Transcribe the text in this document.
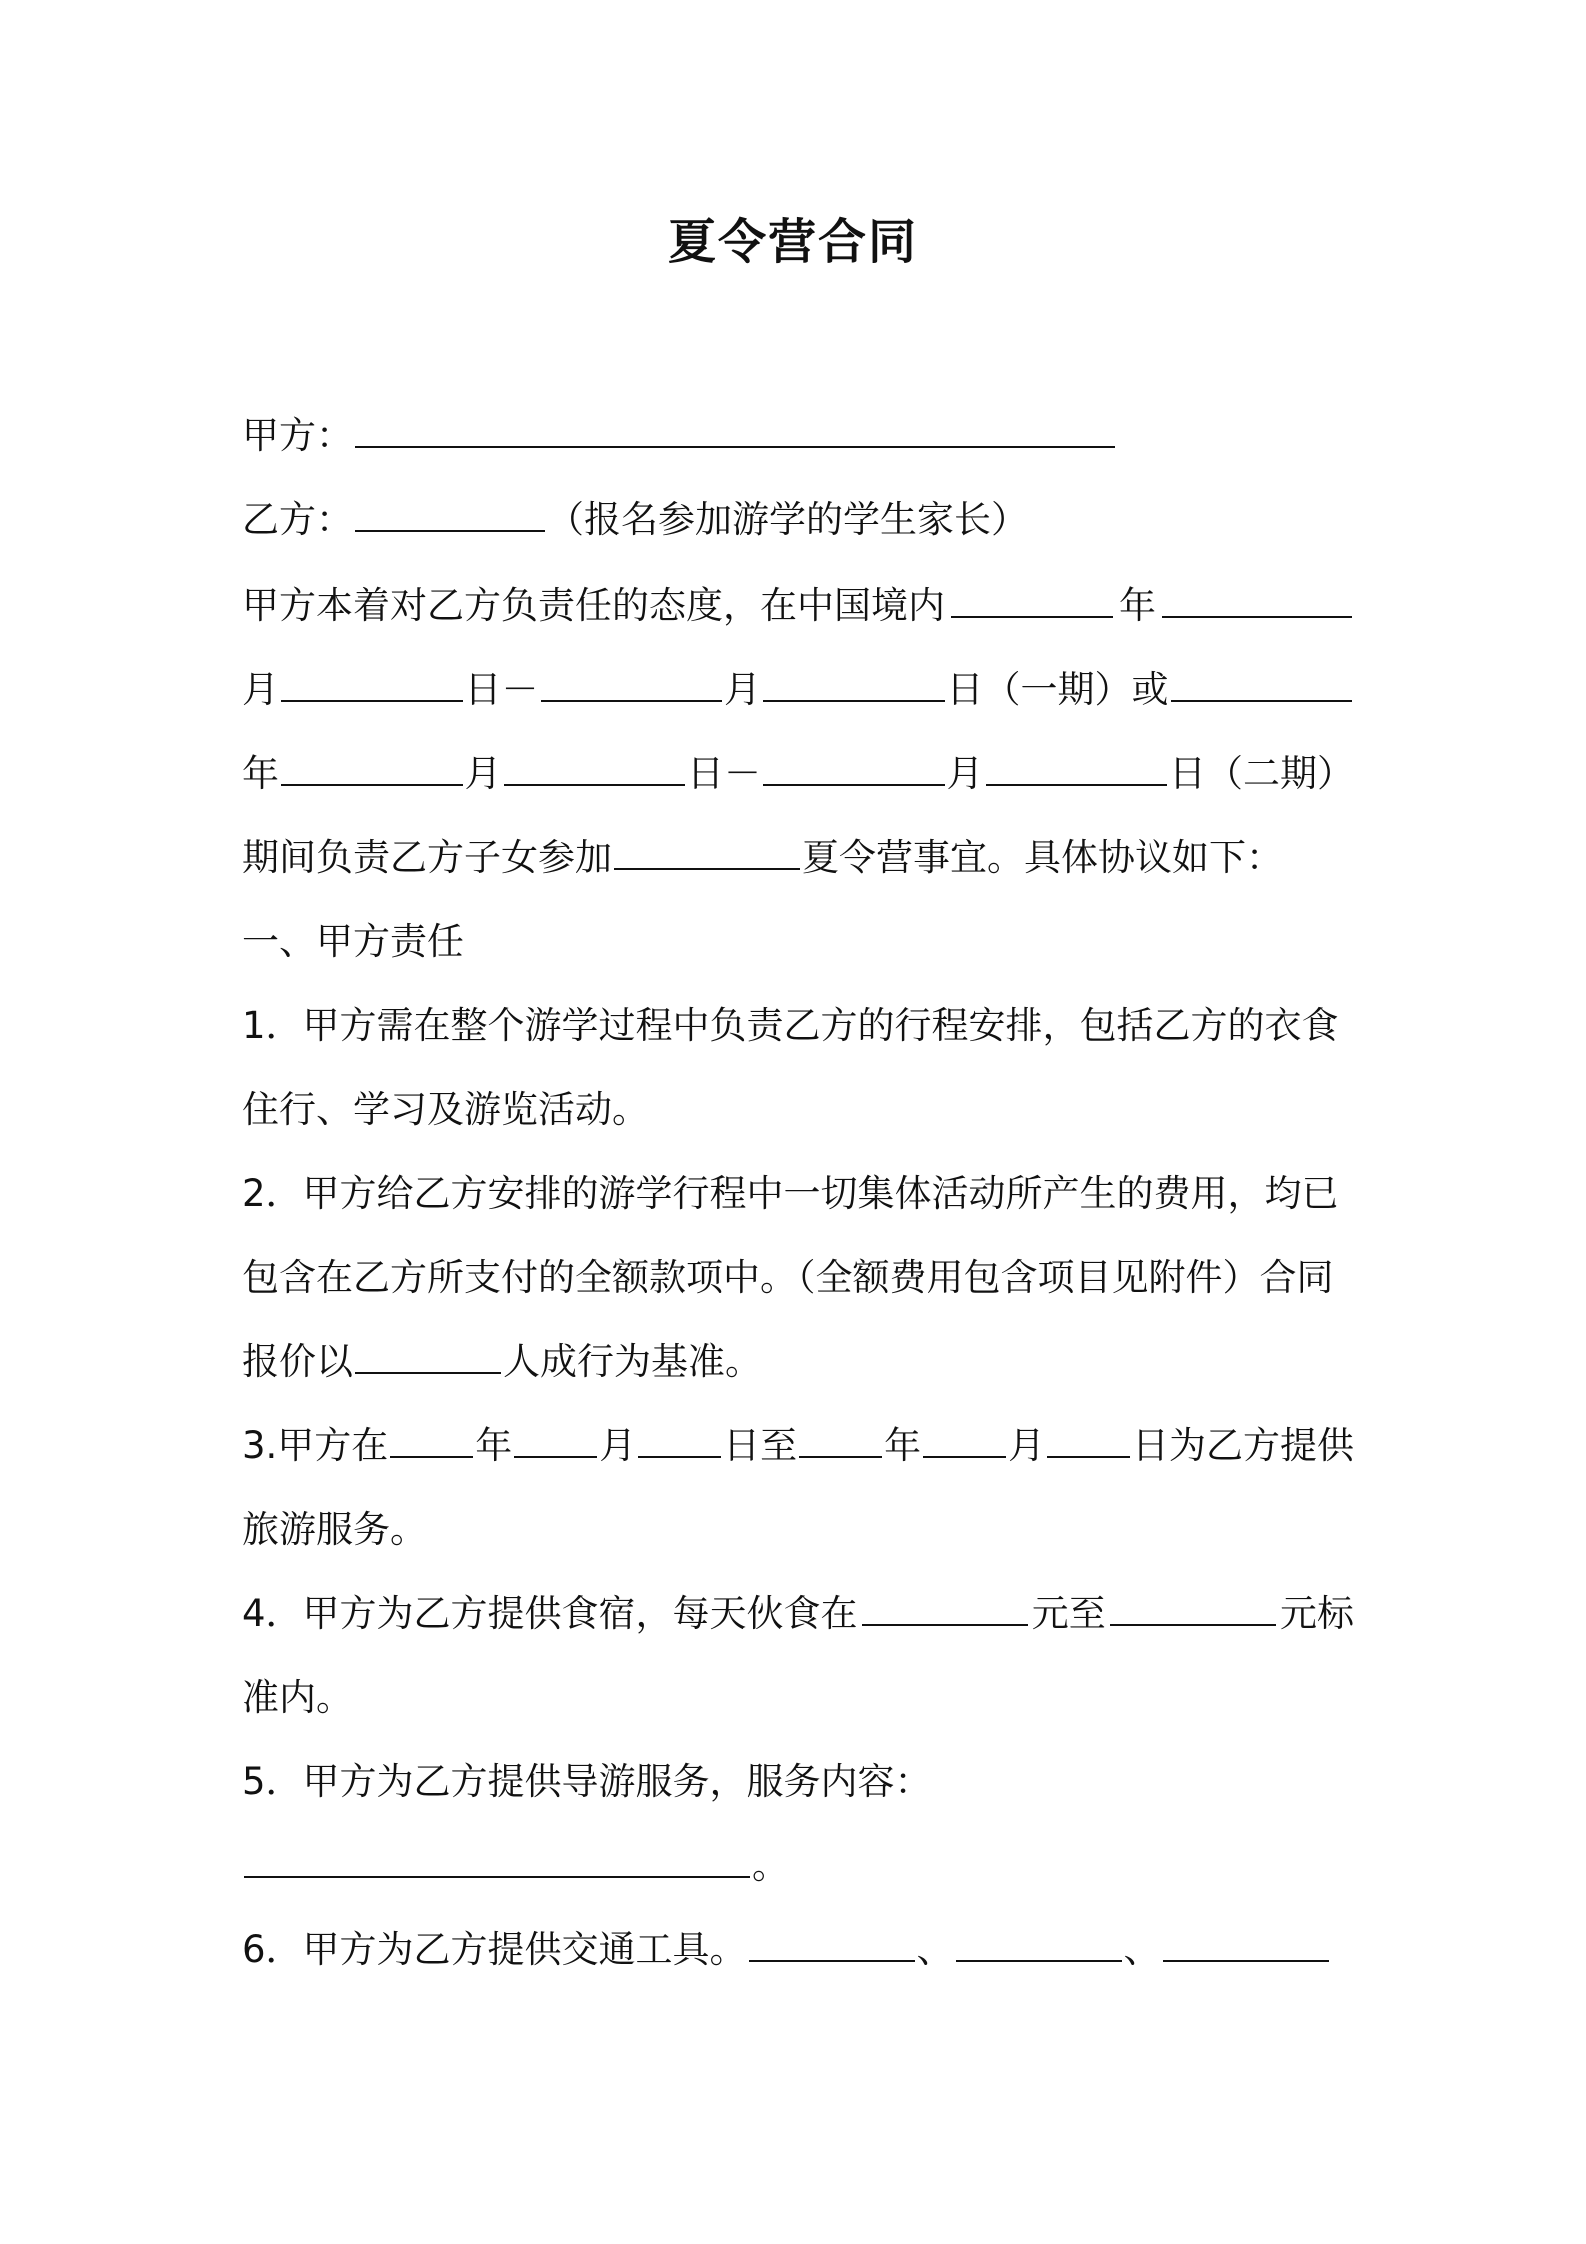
夏令营合同
甲方：
乙方：	（报名参加游学的学生家长）
甲方本着对乙方负责任的态度，在中国境内	年
月	日－	月	日（一期）或
年	月	日－	月	日（二期）
期间负责乙方子女参加	夏令营事宜。具体协议如下：
一、甲方责任
1．甲方需在整个游学过程中负责乙方的行程安排，包括乙方的衣食
住行、学习及游览活动。
2．甲方给乙方安排的游学行程中一切集体活动所产生的费用，均已
包含在乙方所支付的全额款项中。（全额费用包含项目见附件）合同
报价以	人成行为基准。
3.甲方在 年 月 日至 年 月 日为乙方提供
旅游服务。
4．甲方为乙方提供食宿，每天伙食在	元至	元标
准内。
5．甲方为乙方提供导游服务，服务内容：
。
6．甲方为乙方提供交通工具。	、	、
